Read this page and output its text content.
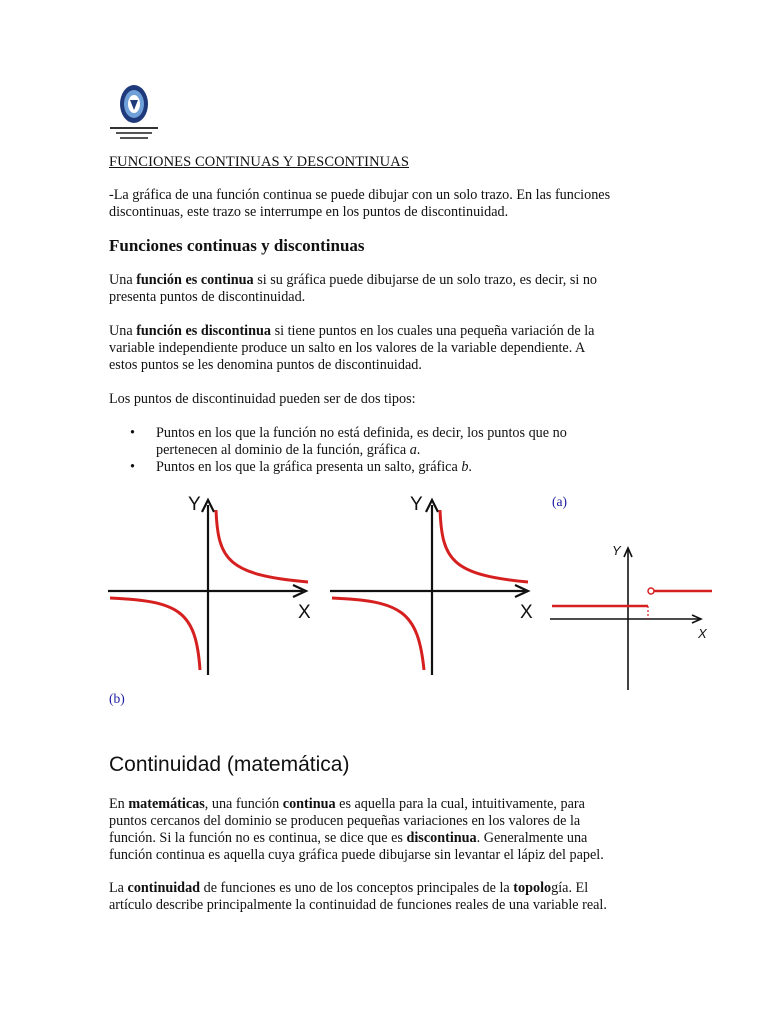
FUNCIONES CONTINUAS Y DESCONTINUAS

-La gráfica de una función continua se puede dibujar con un solo trazo. En las funciones

discontinuas, este trazo se interrumpe en los puntos de discontinuidad.

Funciones continuas y discontinuas

Una función es continua si su gráfica puede dibujarse de un solo trazo, es decir, si no

presenta puntos de discontinuidad.

Una función es discontinua si tiene puntos en los cuales una pequeña variación de la

variable independiente produce un salto en los valores de la variable dependiente. A

estos puntos se les denomina puntos de discontinuidad.

Los puntos de discontinuidad pueden ser de dos tipos:

• Puntos en los que la función no está definida, es decir, los puntos que no
pertenecen al dominio de la función, gráfica a.
• Puntos en los que la gráfica presenta un salto, gráfica b.
Y
X
Y
X
(a)
Y
X
(b)
Continuidad (matemática)

En matemáticas, una función continua es aquella para la cual, intuitivamente, para

puntos cercanos del dominio se producen pequeñas variaciones en los valores de la

función. Si la función no es continua, se dice que es discontinua. Generalmente una

función continua es aquella cuya gráfica puede dibujarse sin levantar el lápiz del papel.

La continuidad de funciones es uno de los conceptos principales de la topología. El

artículo describe principalmente la continuidad de funciones reales de una variable real.
